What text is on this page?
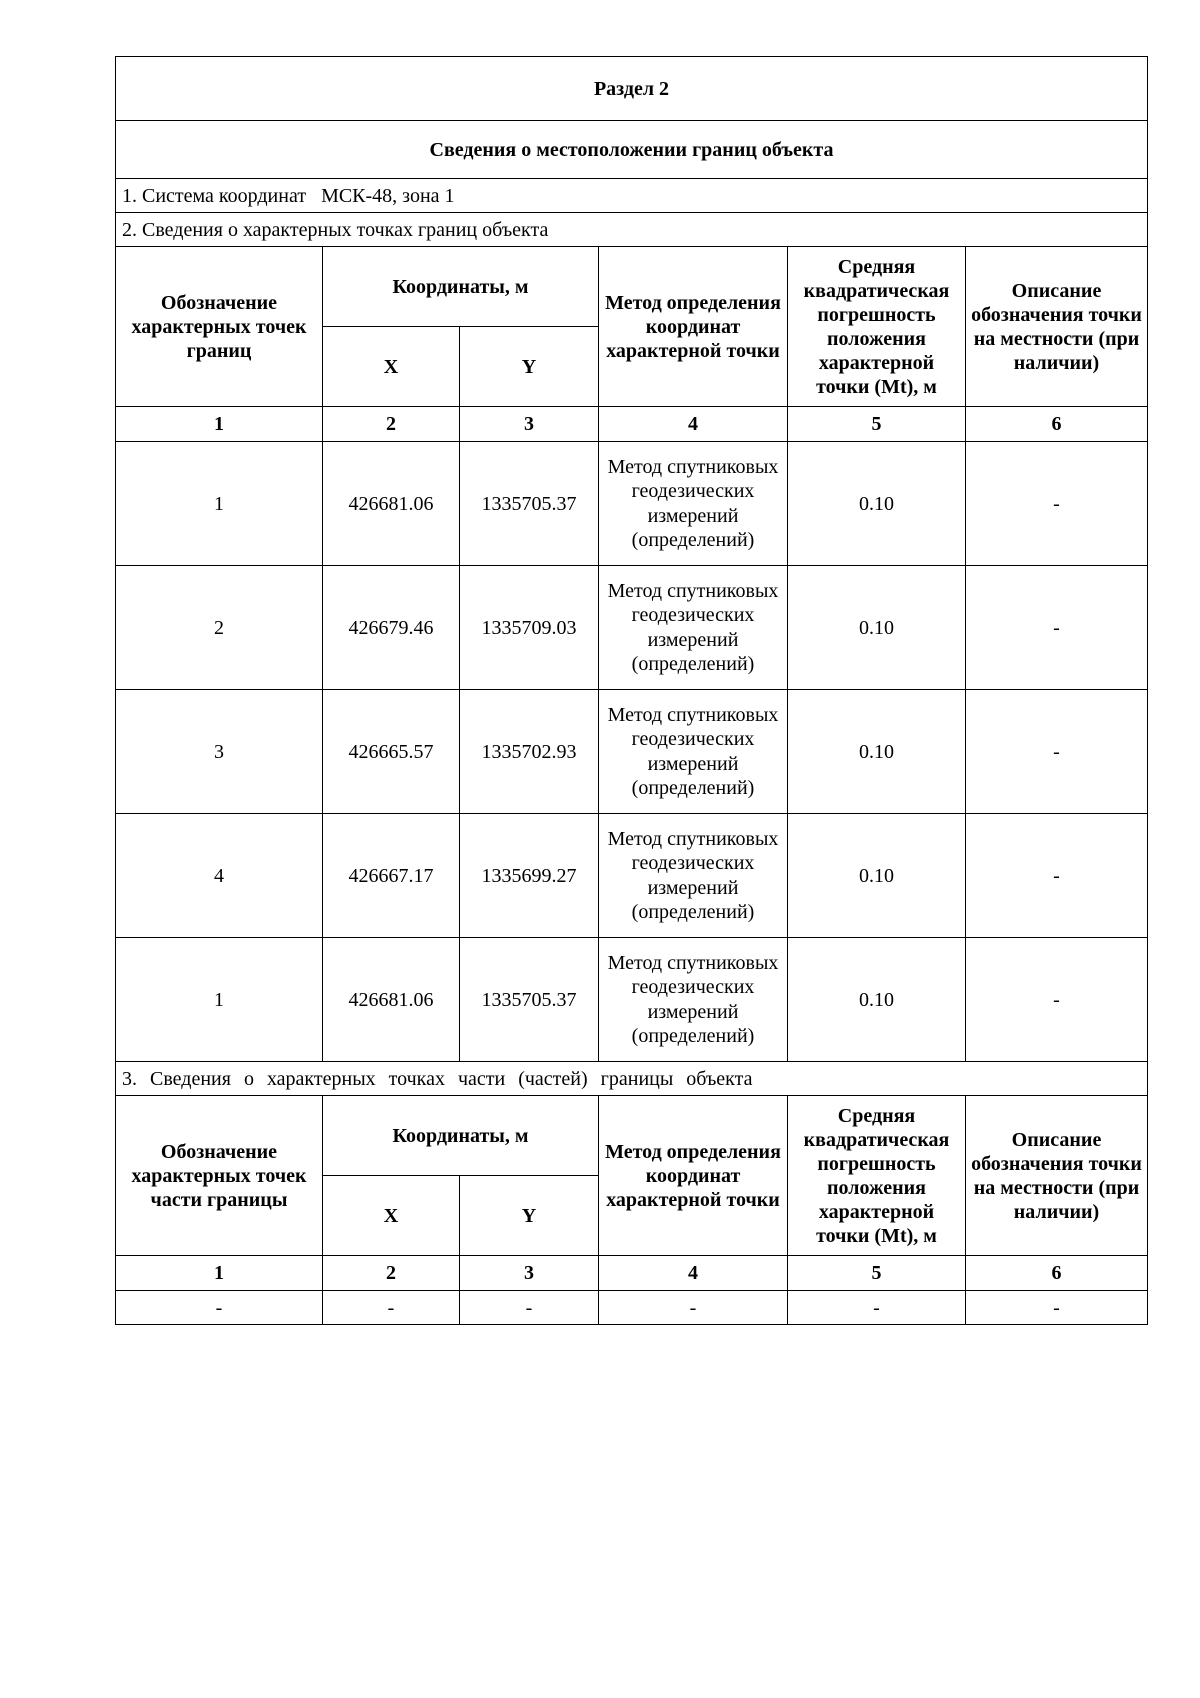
Раздел 2					
Сведения о местоположении границ объекта					
1. Система координат МСК-48, зона 1					
2. Сведения о характерных точках границ объекта					
Обозначение характерных точек границ	Координаты, м		Метод определения координат характерной точки	Средняя квадратическая погрешность положения характерной точки (Mt), м	Описание обозначения точки на местности (при наличии)
	X	Y			
1	2	3	4	5	6
1	426681.06	1335705.37	Метод спутниковых геодезических измерений (определений)	0.10	-
2	426679.46	1335709.03	Метод спутниковых геодезических измерений (определений)	0.10	-
3	426665.57	1335702.93	Метод спутниковых геодезических измерений (определений)	0.10	-
4	426667.17	1335699.27	Метод спутниковых геодезических измерений (определений)	0.10	-
1	426681.06	1335705.37	Метод спутниковых геодезических измерений (определений)	0.10	-
3. Сведения о характерных точках части (частей) границы объекта					
Обозначение характерных точек части границы	Координаты, м		Метод определения координат характерной точки	Средняя квадратическая погрешность положения характерной точки (Mt), м	Описание обозначения точки на местности (при наличии)
	X	Y			
1	2	3	4	5	6
-	-	-	-	-	-
